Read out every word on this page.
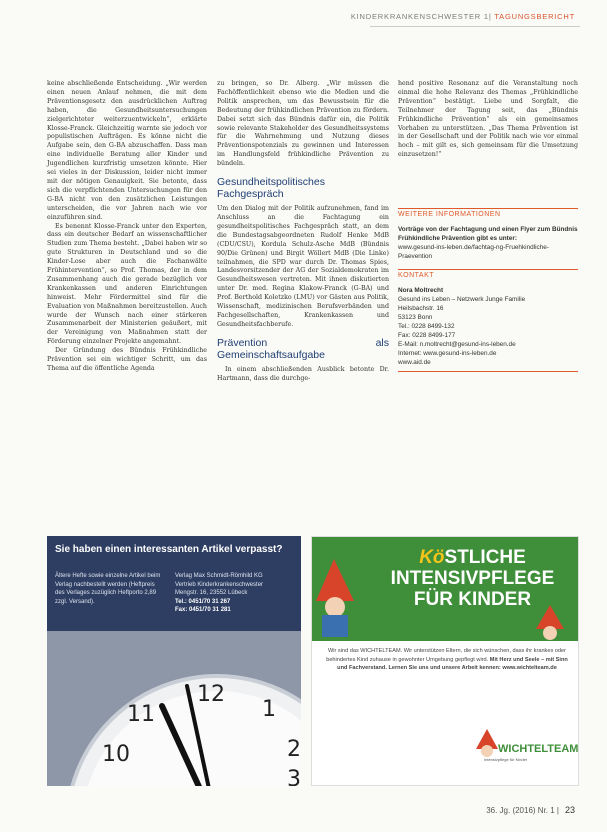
KINDERKRANKENSCHWESTER 1| TAGUNGSBERICHT

keine abschließende Entscheidung. „Wir werden einen neuen Anlauf nehmen, die mit dem Präventionsgesetz den ausdrücklichen Auftrag haben, die Gesundheitsuntersuchungen zielgerichteter weiterzuentwickeln“, erklärte Klosse-Franck. Gleichzeitig warnte sie jedoch vor populistischen Aufträgen. Es könne nicht die Aufgabe sein, den G-BA abzuschaffen. Dass man eine individuelle Beratung aller Kinder und Jugendlichen kurzfristig umsetzen könnte. Hier sei vieles in der Diskussion, leider nicht immer mit der nötigen Genauigkeit. Sie betonte, dass sich die verpflichtenden Untersuchungen für den G-BA nicht von den zusätzlichen Leistungen unterscheiden, die vor Jahren nach wie vor einzuführen sind.

Es benennt Klosse-Franck unter den Experten, dass ein deutscher Bedarf an wissenschaftlicher Studien zum Thema besteht. „Dabei haben wir so gute Strukturen in Deutschland und so die Kinder-Lose aber auch die Fachanwälte Frühintervention“, so Prof. Thomas, der in dem Zusammenhang auch die gerade bezüglich vor Krankenkassen und anderen Einrichtungen hinweist. Mehr Fördermittel sind für die Evaluation von Maßnahmen bereitzustellen. Auch wurde der Wunsch nach einer stärkeren Zusammenarbeit der Ministerien geäußert, mit der Vereinigung von Maßnahmen statt der Förderung einzelner Projekte angemahnt.

Der Gründung des Bündnis Frühkindliche Prävention sei ein wichtiger Schritt, um das Thema auf die öffentliche Agenda

zu bringen, so Dr. Alberg. „Wir müssen die Fachöffentlichkeit ebenso wie die Medien und die Politik ansprechen, um das Bewusstsein für die Bedeutung der frühkindlichen Prävention zu fördern. Dabei setzt sich das Bündnis dafür ein, die Politik sowie relevante Stakeholder des Gesundheitssystems für die Wahrnehmung und Nutzung dieses Präventionspotenzials zu gewinnen und Interessen im Handlungsfeld frühkindliche Prävention zu bündeln.

Gesundheitspolitisches Fachgespräch

Um den Dialog mit der Politik aufzunehmen, fand im Anschluss an die Fachtagung ein gesundheitspolitisches Fachgespräch statt, an dem die Bundestagsabgeordneten Rudolf Henke MdB (CDU/CSU), Kordula Schulz-Asche MdB (Bündnis 90/Die Grünen) und Birgit Wöllert MdB (Die Linke) teilnahmen, die SPD war durch Dr. Thomas Spies, Landesvorsitzender der AG der Sozialdemokraten im Gesundheitswesen vertreten. Mit ihnen diskutierten unter Dr. med. Regina Klakow-Franck (G-BA) und Prof. Berthold Koletzko (LMU) vor Gästen aus Politik, Wissenschaft, medizinischen Berufsverbänden und Fachgesellschaften, Krankenkassen und Gesundheitsfachberufe.

Prävention als Gemeinschaftsaufgabe

In einem abschließenden Ausblick betonte Dr. Hartmann, dass die durchge-

hend positive Resonanz auf die Veranstaltung noch einmal die hohe Relevanz des Themas „Frühkindliche Prävention“ bestätigt. Liebe und Sorgfalt, die Teilnehmer der Tagung seit, das „Bündnis Frühkindliche Prävention“ als ein gemeinsames Vorhaben zu unterstützen. „Das Thema Prävention ist in der Gesellschaft und der Politik nach wie vor einmal hoch – mit gilt es, sich gemeinsam für die Umsetzung einzusetzen!“

WEITERE INFORMATIONEN
Vorträge von der Fachtagung und einen Flyer zum Bündnis Frühkindliche Prävention gibt es unter:
www.gesund-ins-leben.de/fachtag-ng-Fruehkindliche-Praevention
KONTAKT
Nora Moltrecht
Gesund ins Leben – Netzwerk Junge Familie
Heilsbachstr. 16
53123 Bonn
Tel.: 0228 8499-132
Fax: 0228 8499-177
E-Mail: n.moltrecht@gesund-ins-leben.de
Internet: www.gesund-ins-leben.de
www.aid.de
10
11
12
1
2
3
Sie haben einen interessanten Artikel verpasst?
Ältere Hefte sowie einzelne Artikel beim Verlag nachbestellt werden (Heftpreis des Verlages zuzüglich Heftporto 2,89 zzgl. Versand).
Verlag Max Schmidt-Römhild KG
Vertrieb Kinderkrankenschwester
Mengstr. 16, 23552 Lübeck
Tel.: 0451/70 31 267
Fax: 0451/70 31 281
KöSTLICHE
INTENSIVPFLEGE
FÜR KINDER
Wir sind das WICHTELTEAM. Wir unterstützen Eltern, die sich wünschen, dass ihr krankes oder behindertes Kind zuhause in gewohnter Umgebung gepflegt wird. Mit Herz und Seele – mit Sinn und Fachverstand. Lernen Sie uns und unsere Arbeit kennen: www.wichtelteam.de
WICHTELTEAM
Intensivpflege für Kinder
36. Jg. (2016) Nr. 1 | 23
